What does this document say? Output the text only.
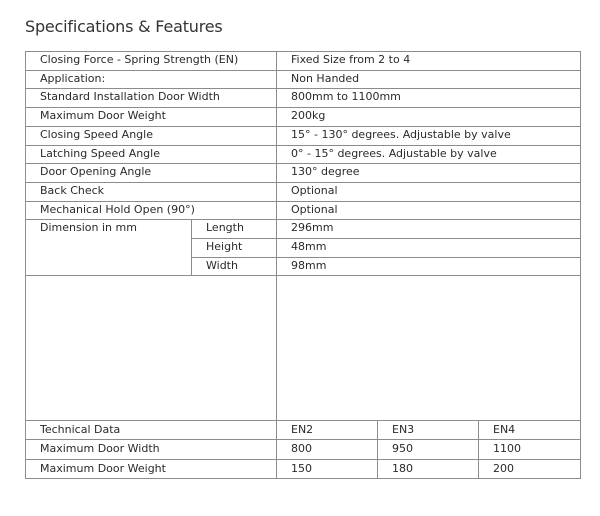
Specifications & Features
Closing Force - Spring Strength (EN)	Fixed Size from 2 to 4
Application:	Non Handed
Standard Installation Door Width	800mm to 1100mm
Maximum Door Weight	200kg
Closing Speed Angle	15° - 130° degrees. Adjustable by valve
Latching Speed Angle	0° - 15° degrees. Adjustable by valve
Door Opening Angle	130° degree
Back Check	Optional
Mechanical Hold Open (90°)	Optional
Dimension in mm	Length	296mm
Height	48mm
Width	98mm
Technical Data	EN2	EN3	EN4
Maximum Door Width	800	950	1100
Maximum Door Weight	150	180	200
